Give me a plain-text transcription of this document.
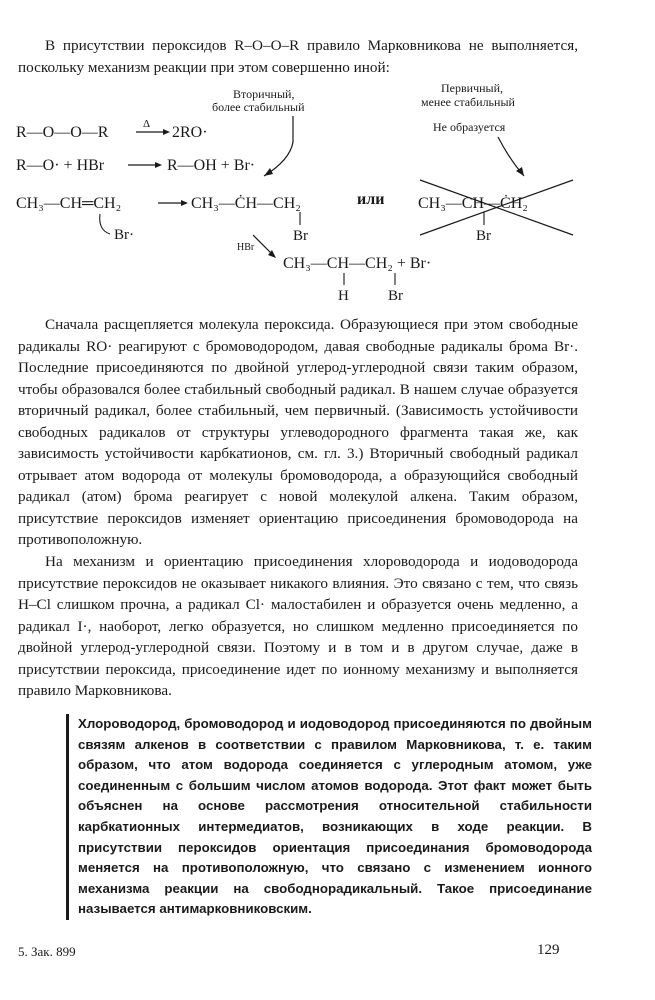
В присутствии пероксидов R–O–O–R правило Марковникова не выполняется, поскольку механизм реакции при этом совершенно иной:

Вторичный,
более стабильный
Первичный,
менее стабильный
Не образуется
R—O—O—R	Δ 2RO·
R—O· + HBr	R—OH + Br·
CH₃—CH═CH₂
Br·
CH₃—ĊH—CH₂
Br
или CH₃—CH—ĊH₂
Br
HBr
CH₃—CH—CH₂ + Br·
H	Br

Сначала расщепляется молекула пероксида. Образующиеся при этом свободные радикалы RO· реагируют с бромоводородом, давая свободные радикалы брома Br·. Последние присоединяются по двойной углерод-углеродной связи таким образом, чтобы образовался более стабильный свободный радикал. В нашем случае образуется вторичный радикал, более стабильный, чем первичный. (Зависимость устойчивости свободных радикалов от структуры углеводородного фрагмента такая же, как зависимость устойчивости карбкатионов, см. гл. 3.) Вторичный свободный радикал отрывает атом водорода от молекулы бромоводорода, а образующийся свободный радикал (атом) брома реагирует с новой молекулой алкена. Таким образом, присутствие пероксидов изменяет ориентацию присоединения бромоводорода на противоположную.

На механизм и ориентацию присоединения хлороводорода и иодоводорода присутствие пероксидов не оказывает никакого влияния. Это связано с тем, что связь H–Cl слишком прочна, а радикал Cl· малостабилен и образуется очень медленно, а радикал I·, наоборот, легко образуется, но слишком медленно присоединяется по двойной углерод-углеродной связи. Поэтому и в том и в другом случае, даже в присутствии пероксида, присоединение идет по ионному механизму и выполняется правило Марковникова.

Хлороводород, бромоводород и иодоводород присоединяются по двойным связям алкенов в соответствии с правилом Марковникова, т. е. таким образом, что атом водорода соединяется с углеродным атомом, уже соединенным с большим числом атомов водорода. Этот факт может быть объяснен на основе рассмотрения относительной стабильности карбкатионных интермедиатов, возникающих в ходе реакции. В присутствии пероксидов ориентация присоединания бромоводорода меняется на противоположную, что связано с изменением ионного механизма реакции на свободнорадикальный. Такое присоединание называется антимарковниковским.

5. Зак. 899	129
